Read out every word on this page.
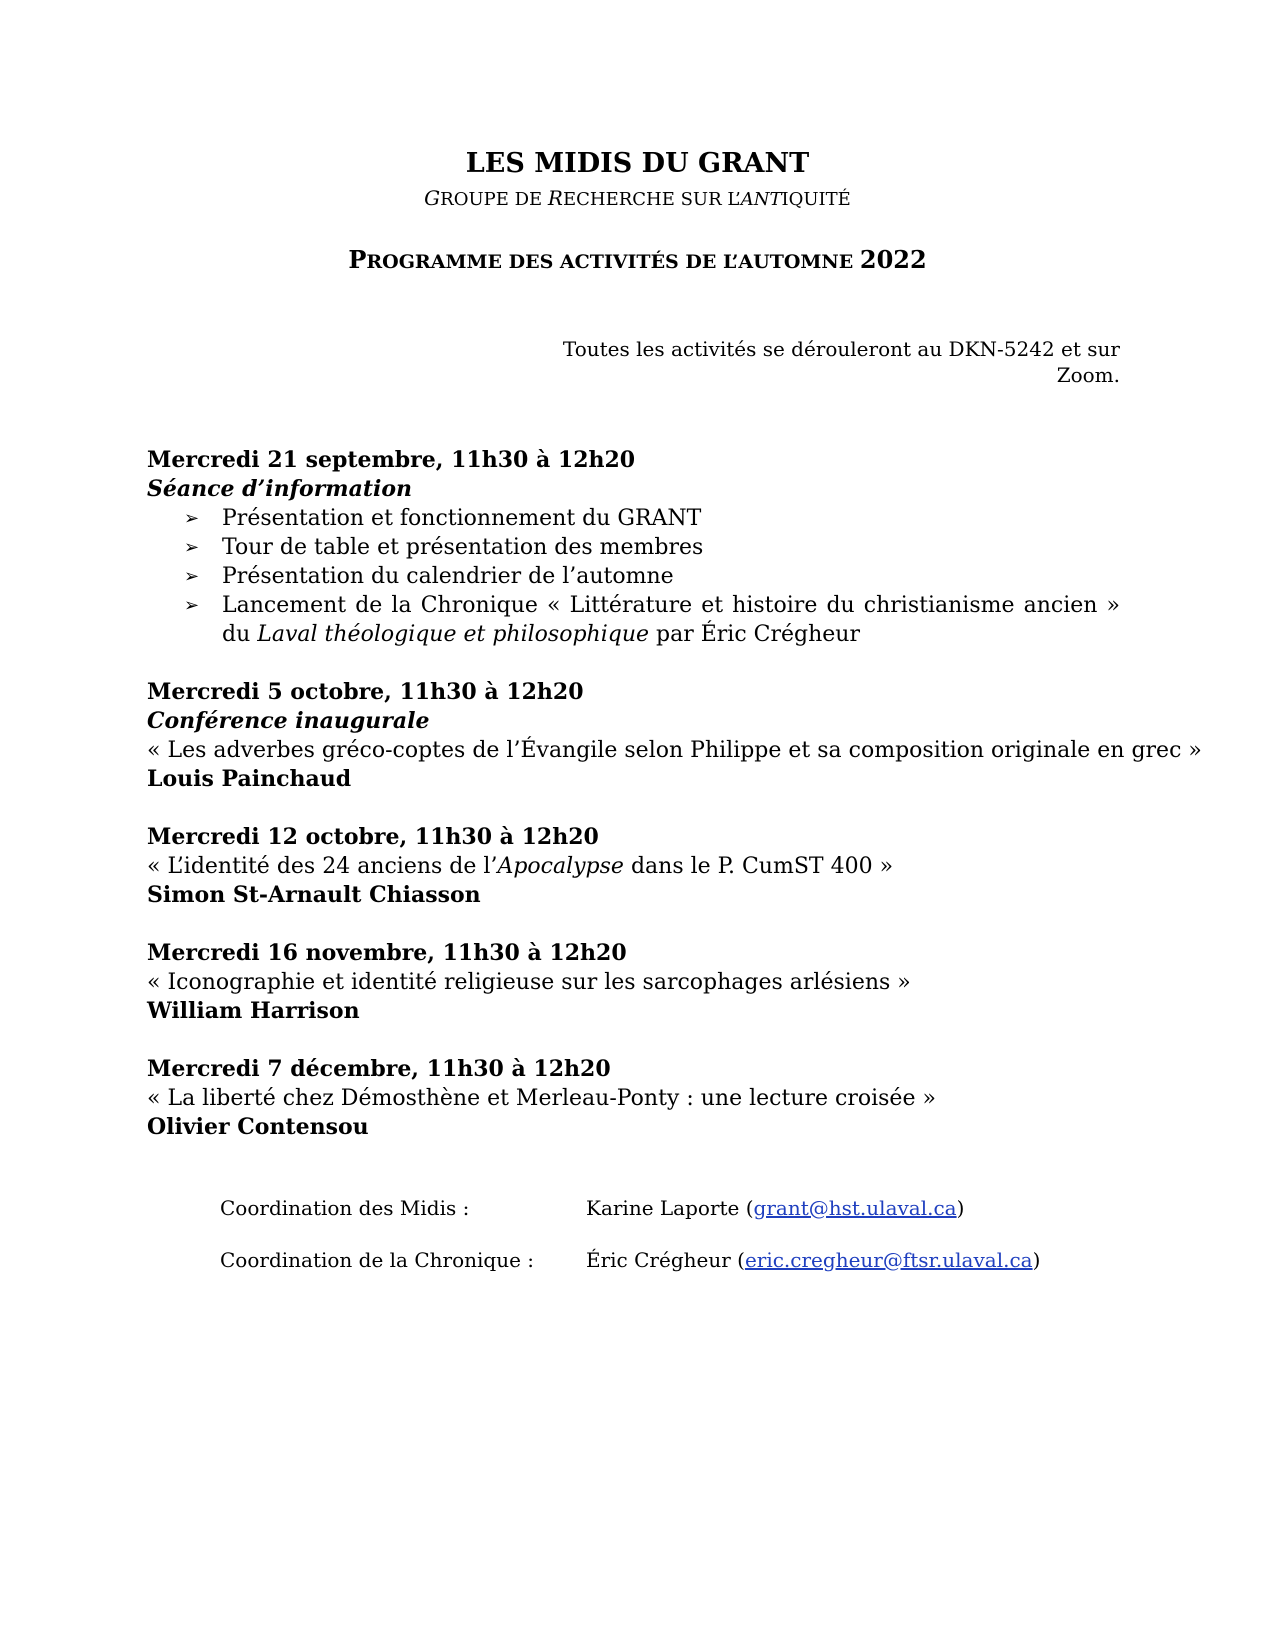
LES MIDIS DU GRANT
GROUPE DE RECHERCHE SUR L’ANTIQUITÉ
PROGRAMME DES ACTIVITÉS DE L’AUTOMNE 2022
Toutes les activités se dérouleront au DKN-5242 et sur Zoom.
Mercredi 21 septembre, 11h30 à 12h20
Séance d’information
➢ Présentation et fonctionnement du GRANT
➢ Tour de table et présentation des membres
➢ Présentation du calendrier de l’automne
➢ Lancement de la Chronique « Littérature et histoire du christianisme ancien » du Laval théologique et philosophique par Éric Crégheur
Mercredi 5 octobre, 11h30 à 12h20
Conférence inaugurale
« Les adverbes gréco-coptes de l’Évangile selon Philippe et sa composition originale en grec »
Louis Painchaud
Mercredi 12 octobre, 11h30 à 12h20
« L’identité des 24 anciens de l’Apocalypse dans le P. CumST 400 »
Simon St-Arnault Chiasson
Mercredi 16 novembre, 11h30 à 12h20
« Iconographie et identité religieuse sur les sarcophages arlésiens »
William Harrison
Mercredi 7 décembre, 11h30 à 12h20
« La liberté chez Démosthène et Merleau-Ponty : une lecture croisée »
Olivier Contensou
Coordination des Midis :	Karine Laporte (grant@hst.ulaval.ca)
Coordination de la Chronique :	Éric Crégheur (eric.cregheur@ftsr.ulaval.ca)
